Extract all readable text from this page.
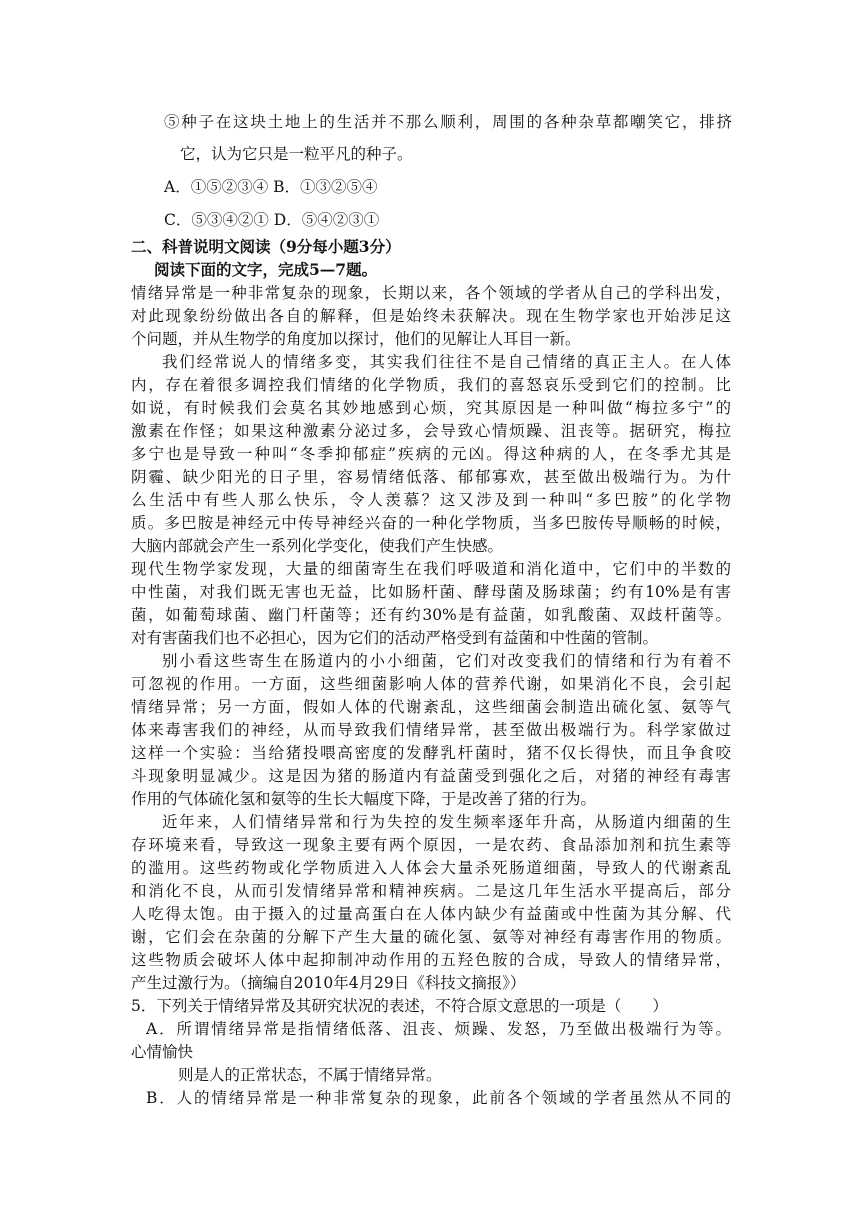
⑤种子在这块土地上的生活并不那么顺利，周围的各种杂草都嘲笑它，排挤
它，认为它只是一粒平凡的种子。
A．①⑤②③④ B．①③②⑤④
C．⑤③④②① D．⑤④②③①
二、科普说明文阅读（9分每小题3分）
阅读下面的文字，完成5—7题。
情绪异常是一种非常复杂的现象，长期以来，各个领域的学者从自己的学科出发，
对此现象纷纷做出各自的解释，但是始终未获解决。现在生物学家也开始涉足这
个问题，并从生物学的角度加以探讨，他们的见解让人耳目一新。
我们经常说人的情绪多变，其实我们往往不是自己情绪的真正主人。在人体
内，存在着很多调控我们情绪的化学物质，我们的喜怒哀乐受到它们的控制。比
如说，有时候我们会莫名其妙地感到心烦，究其原因是一种叫做“梅拉多宁”的
激素在作怪；如果这种激素分泌过多，会导致心情烦躁、沮丧等。据研究，梅拉
多宁也是导致一种叫“冬季抑郁症”疾病的元凶。得这种病的人，在冬季尤其是
阴霾、缺少阳光的日子里，容易情绪低落、郁郁寡欢，甚至做出极端行为。为什
么生活中有些人那么快乐，令人羡慕？这又涉及到一种叫“多巴胺”的化学物
质。多巴胺是神经元中传导神经兴奋的一种化学物质，当多巴胺传导顺畅的时候，
大脑内部就会产生一系列化学变化，使我们产生快感。
现代生物学家发现，大量的细菌寄生在我们呼吸道和消化道中，它们中的半数的
中性菌，对我们既无害也无益，比如肠杆菌、酵母菌及肠球菌；约有10%是有害
菌，如葡萄球菌、幽门杆菌等；还有约30%是有益菌，如乳酸菌、双歧杆菌等。
对有害菌我们也不必担心，因为它们的活动严格受到有益菌和中性菌的管制。
别小看这些寄生在肠道内的小小细菌，它们对改变我们的情绪和行为有着不
可忽视的作用。一方面，这些细菌影响人体的营养代谢，如果消化不良，会引起
情绪异常；另一方面，假如人体的代谢紊乱，这些细菌会制造出硫化氢、氨等气
体来毒害我们的神经，从而导致我们情绪异常，甚至做出极端行为。科学家做过
这样一个实验：当给猪投喂高密度的发酵乳杆菌时，猪不仅长得快，而且争食咬
斗现象明显减少。这是因为猪的肠道内有益菌受到强化之后，对猪的神经有毒害
作用的气体硫化氢和氨等的生长大幅度下降，于是改善了猪的行为。
近年来，人们情绪异常和行为失控的发生频率逐年升高，从肠道内细菌的生
存环境来看，导致这一现象主要有两个原因，一是农药、食品添加剂和抗生素等
的滥用。这些药物或化学物质进入人体会大量杀死肠道细菌，导致人的代谢紊乱
和消化不良，从而引发情绪异常和精神疾病。二是这几年生活水平提高后，部分
人吃得太饱。由于摄入的过量高蛋白在人体内缺少有益菌或中性菌为其分解、代
谢，它们会在杂菌的分解下产生大量的硫化氢、氨等对神经有毒害作用的物质。
这些物质会破坏人体中起抑制冲动作用的五羟色胺的合成，导致人的情绪异常，
产生过激行为。（摘编自2010年4月29日《科技文摘报》）
5．下列关于情绪异常及其研究状况的表述，不符合原文意思的一项是（　　）
A．所谓情绪异常是指情绪低落、沮丧、烦躁、发怒，乃至做出极端行为等。
心情愉快
则是人的正常状态，不属于情绪异常。
B．人的情绪异常是一种非常复杂的现象，此前各个领域的学者虽然从不同的
